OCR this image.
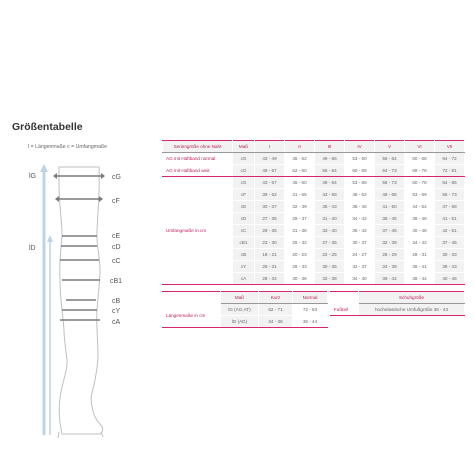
Größentabelle
l = Längenmaße c = Umfangmaße
lG
lD
cG
cF
cE
cD
cC
cB1
cB
cY
cA
Seriengröße ohne Naht	Maß	I	II	III	IV	V	VI	VII
AG mit Haftband normal	cG	43 - 49	45 - 52	49 - 56	53 - 60	56 - 64	60 - 68	64 - 72
AG mit Haftband weit	cG	49 - 57	52 - 60	56 - 64	60 - 69	64 - 73	69 - 78	72 - 81
Umfangmaße in cm	cG	43 - 57	45 - 60	49 - 64	53 - 69	56 - 73	60 - 78	64 - 85
	cF	39 - 52	41 - 55	43 - 58	46 - 62	49 - 65	53 - 69	56 - 73
	cE	30 - 37	32 - 39	35 - 43	38 - 46	41 - 50	44 - 54	47 - 58
	cD	27 - 35	29 - 37	31 - 40	34 - 42	36 - 45	38 - 48	41 - 51
	cC	29 - 36	31 - 38	33 - 40	35 - 42	37 - 45	40 - 48	42 - 51
	cB1	23 - 30	25 - 32	27 - 35	30 - 37	32 - 39	34 - 42	37 - 45
	cB	18 - 21	20 - 23	22 - 25	24 - 27	26 - 29	28 - 31	30 - 33
	cY	26 - 31	28 - 33	30 - 35	32 - 37	34 - 39	36 - 41	38 - 43
	cA	28 - 34	30 - 36	32 - 38	34 - 40	36 - 42	38 - 44	40 - 46
	Maß	Kurz	Normal
Längenmaße in cm	lG (AG,AT)	62 - 71	72 - 83
	lD (AD)	34 - 38	39 - 44
	Schuhgröße
Fußteil	hochelastische Umfußgröße 36 - 43
